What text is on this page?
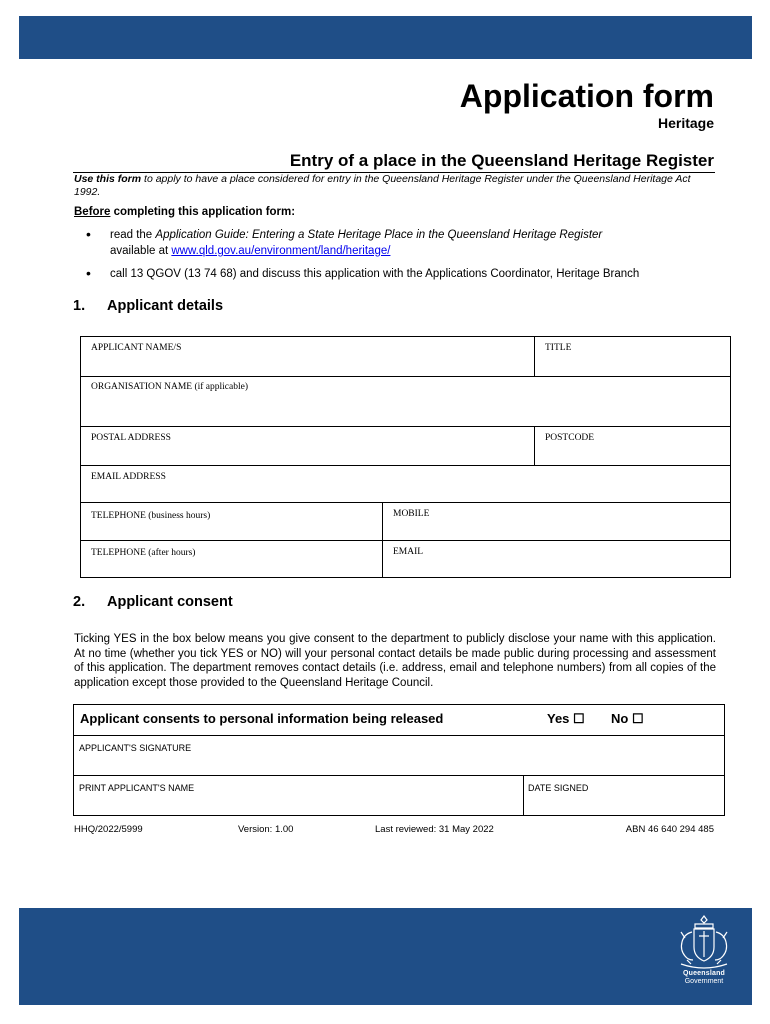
Application form
Heritage
Entry of a place in the Queensland Heritage Register
Use this form to apply to have a place considered for entry in the Queensland Heritage Register under the Queensland Heritage Act 1992.
Before completing this application form:
• read the Application Guide: Entering a State Heritage Place in the Queensland Heritage Register
available at www.qld.gov.au/environment/land/heritage/
• call 13 QGOV (13 74 68) and discuss this application with the Applications Coordinator, Heritage Branch
1. Applicant details
APPLICANT NAME/S	TITLE
ORGANISATION NAME (if applicable)
POSTAL ADDRESS	POSTCODE
EMAIL ADDRESS
TELEPHONE (business hours)	MOBILE
TELEPHONE (after hours)	EMAIL
2. Applicant consent
Ticking YES in the box below means you give consent to the department to publicly disclose your name with this application. At no time (whether you tick YES or NO) will your personal contact details be made public during processing and assessment of this application. The department removes contact details (i.e. address, email and telephone numbers) from all copies of the application except those provided to the Queensland Heritage Council.
Applicant consents to personal information being released	Yes ☐ No ☐
APPLICANT'S SIGNATURE
PRINT APPLICANT'S NAME	DATE SIGNED
HHQ/2022/5999	Version: 1.00	Last reviewed: 31 May 2022	ABN 46 640 294 485
Queensland
Government
